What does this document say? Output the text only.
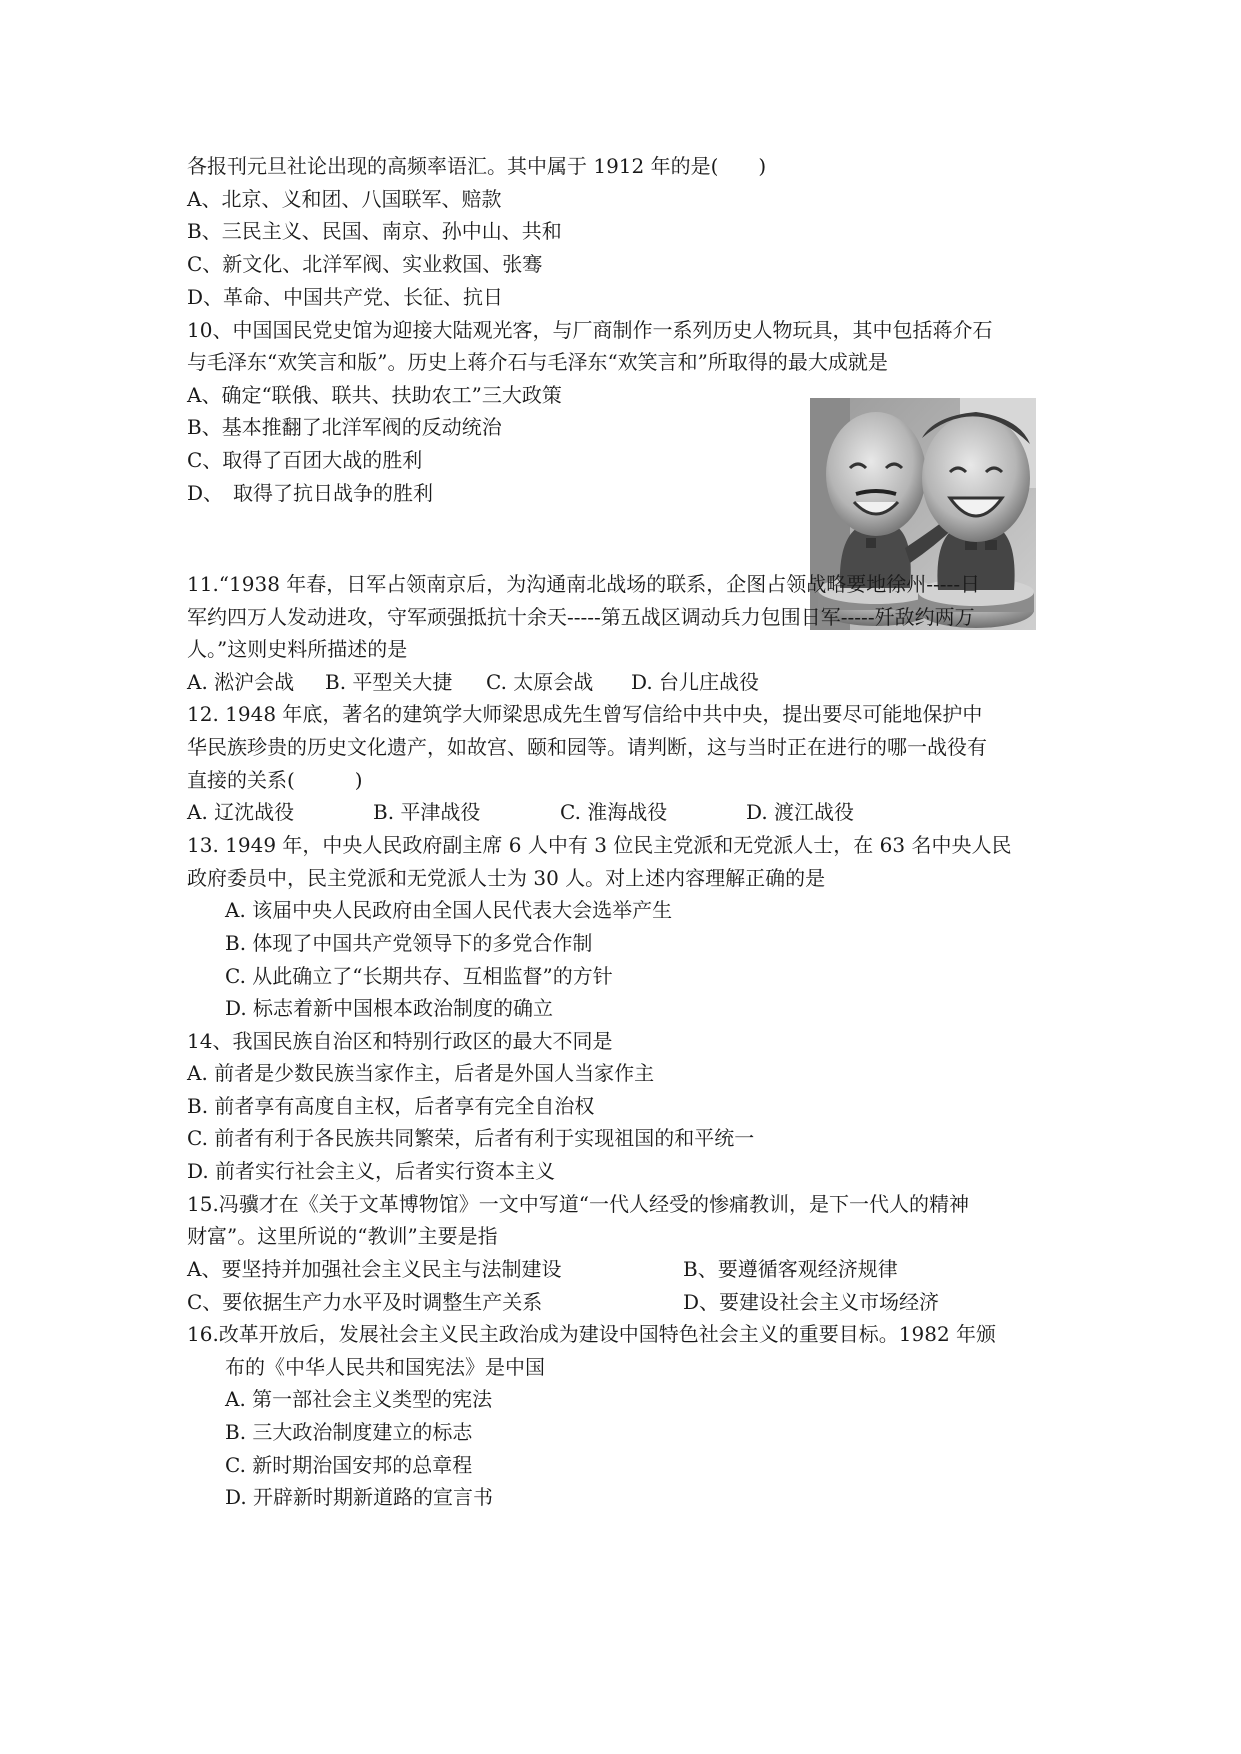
各报刊元旦社论出现的高频率语汇。其中属于 1912 年的是(　　)
A、北京、义和团、八国联军、赔款
B、三民主义、民国、南京、孙中山、共和
C、新文化、北洋军阀、实业救国、张骞
D、革命、中国共产党、长征、抗日
10、中国国民党史馆为迎接大陆观光客，与厂商制作一系列历史人物玩具，其中包括蒋介石
与毛泽东“欢笑言和版”。历史上蒋介石与毛泽东“欢笑言和”所取得的最大成就是
A、确定“联俄、联共、扶助农工”三大政策
B、基本推翻了北洋军阀的反动统治
C、取得了百团大战的胜利
D、　取得了抗日战争的胜利
11.“1938 年春，日军占领南京后，为沟通南北战场的联系，企图占领战略要地徐州-----日
军约四万人发动进攻，守军顽强抵抗十余天-----第五战区调动兵力包围日军-----歼敌约两万
人。”这则史料所描述的是
A. 淞沪会战 B. 平型关大捷 C. 太原会战 D. 台儿庄战役
12. 1948 年底，著名的建筑学大师梁思成先生曾写信给中共中央，提出要尽可能地保护中
华民族珍贵的历史文化遗产，如故宫、颐和园等。请判断，这与当时正在进行的哪一战役有
直接的关系(　　　)
A. 辽沈战役	B. 平津战役	C. 淮海战役	D. 渡江战役
13. 1949 年，中央人民政府副主席 6 人中有 3 位民主党派和无党派人士，在 63 名中央人民
政府委员中，民主党派和无党派人士为 30 人。对上述内容理解正确的是
A. 该届中央人民政府由全国人民代表大会选举产生
B. 体现了中国共产党领导下的多党合作制
C. 从此确立了“长期共存、互相监督”的方针
D. 标志着新中国根本政治制度的确立
14、我国民族自治区和特别行政区的最大不同是
A. 前者是少数民族当家作主，后者是外国人当家作主
B. 前者享有高度自主权，后者享有完全自治权
C. 前者有利于各民族共同繁荣，后者有利于实现祖国的和平统一
D. 前者实行社会主义，后者实行资本主义
15.冯骥才在《关于文革博物馆》一文中写道“一代人经受的惨痛教训，是下一代人的精神
财富”。这里所说的“教训”主要是指
A、要坚持并加强社会主义民主与法制建设	B、要遵循客观经济规律
C、要依据生产力水平及时调整生产关系	D、要建设社会主义市场经济
16.改革开放后，发展社会主义民主政治成为建设中国特色社会主义的重要目标。1982 年颁
布的《中华人民共和国宪法》是中国
A. 第一部社会主义类型的宪法
B. 三大政治制度建立的标志
C. 新时期治国安邦的总章程
D. 开辟新时期新道路的宣言书
